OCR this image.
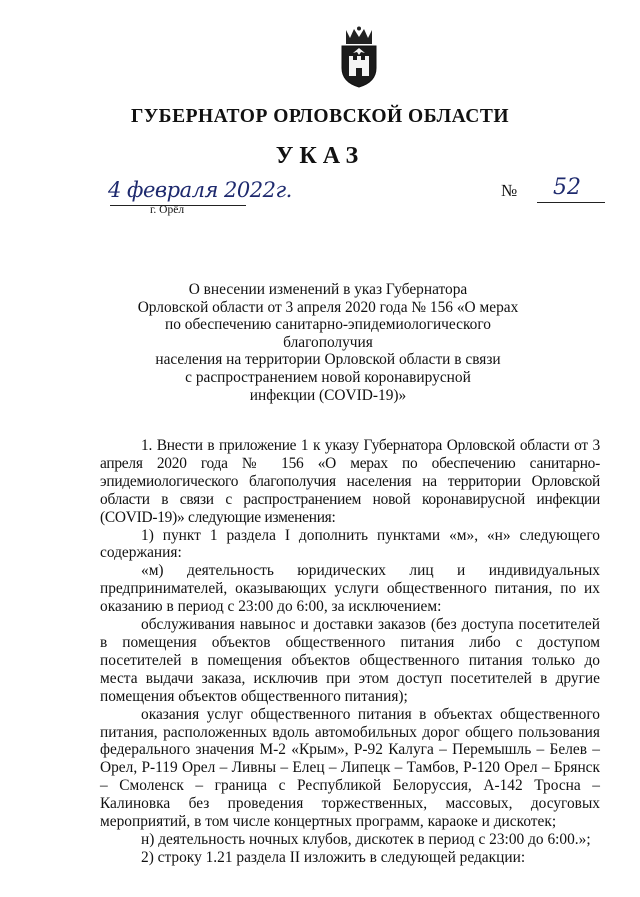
ГУБЕРНАТОР ОРЛОВСКОЙ ОБЛАСТИ
УКАЗ
4 февраля 2022г.
г. Орёл
№ 52
О внесении изменений в указ Губернатора
Орловской области от 3 апреля 2020 года № 156 «О мерах
по обеспечению санитарно-эпидемиологического благополучия
населения на территории Орловской области в связи
с распространением новой коронавирусной
инфекции (COVID-19)»

1. Внести в приложение 1 к указу Губернатора Орловской области от 3 апреля 2020 года № 156 «О мерах по обеспечению санитарно-эпидемиологического благополучия населения на территории Орловской области в связи с распространением новой коронавирусной инфекции (COVID-19)» следующие изменения:

1) пункт 1 раздела I дополнить пунктами «м», «н» следующего содержания:

«м) деятельность юридических лиц и индивидуальных предпринимателей, оказывающих услуги общественного питания, по их оказанию в период с 23:00 до 6:00, за исключением:

обслуживания навынос и доставки заказов (без доступа посетителей в помещения объектов общественного питания либо с доступом посетителей в помещения объектов общественного питания только до места выдачи заказа, исключив при этом доступ посетителей в другие помещения объектов общественного питания);

оказания услуг общественного питания в объектах общественного питания, расположенных вдоль автомобильных дорог общего пользования федерального значения М-2 «Крым», Р-92 Калуга – Перемышль – Белев – Орел, Р-119 Орел – Ливны – Елец – Липецк – Тамбов, Р-120 Орел – Брянск – Смоленск – граница с Республикой Белоруссия, А-142 Тросна – Калиновка без проведения торжественных, массовых, досуговых мероприятий, в том числе концертных программ, караоке и дискотек;

н) деятельность ночных клубов, дискотек в период с 23:00 до 6:00.»;

2) строку 1.21 раздела II изложить в следующей редакции:
